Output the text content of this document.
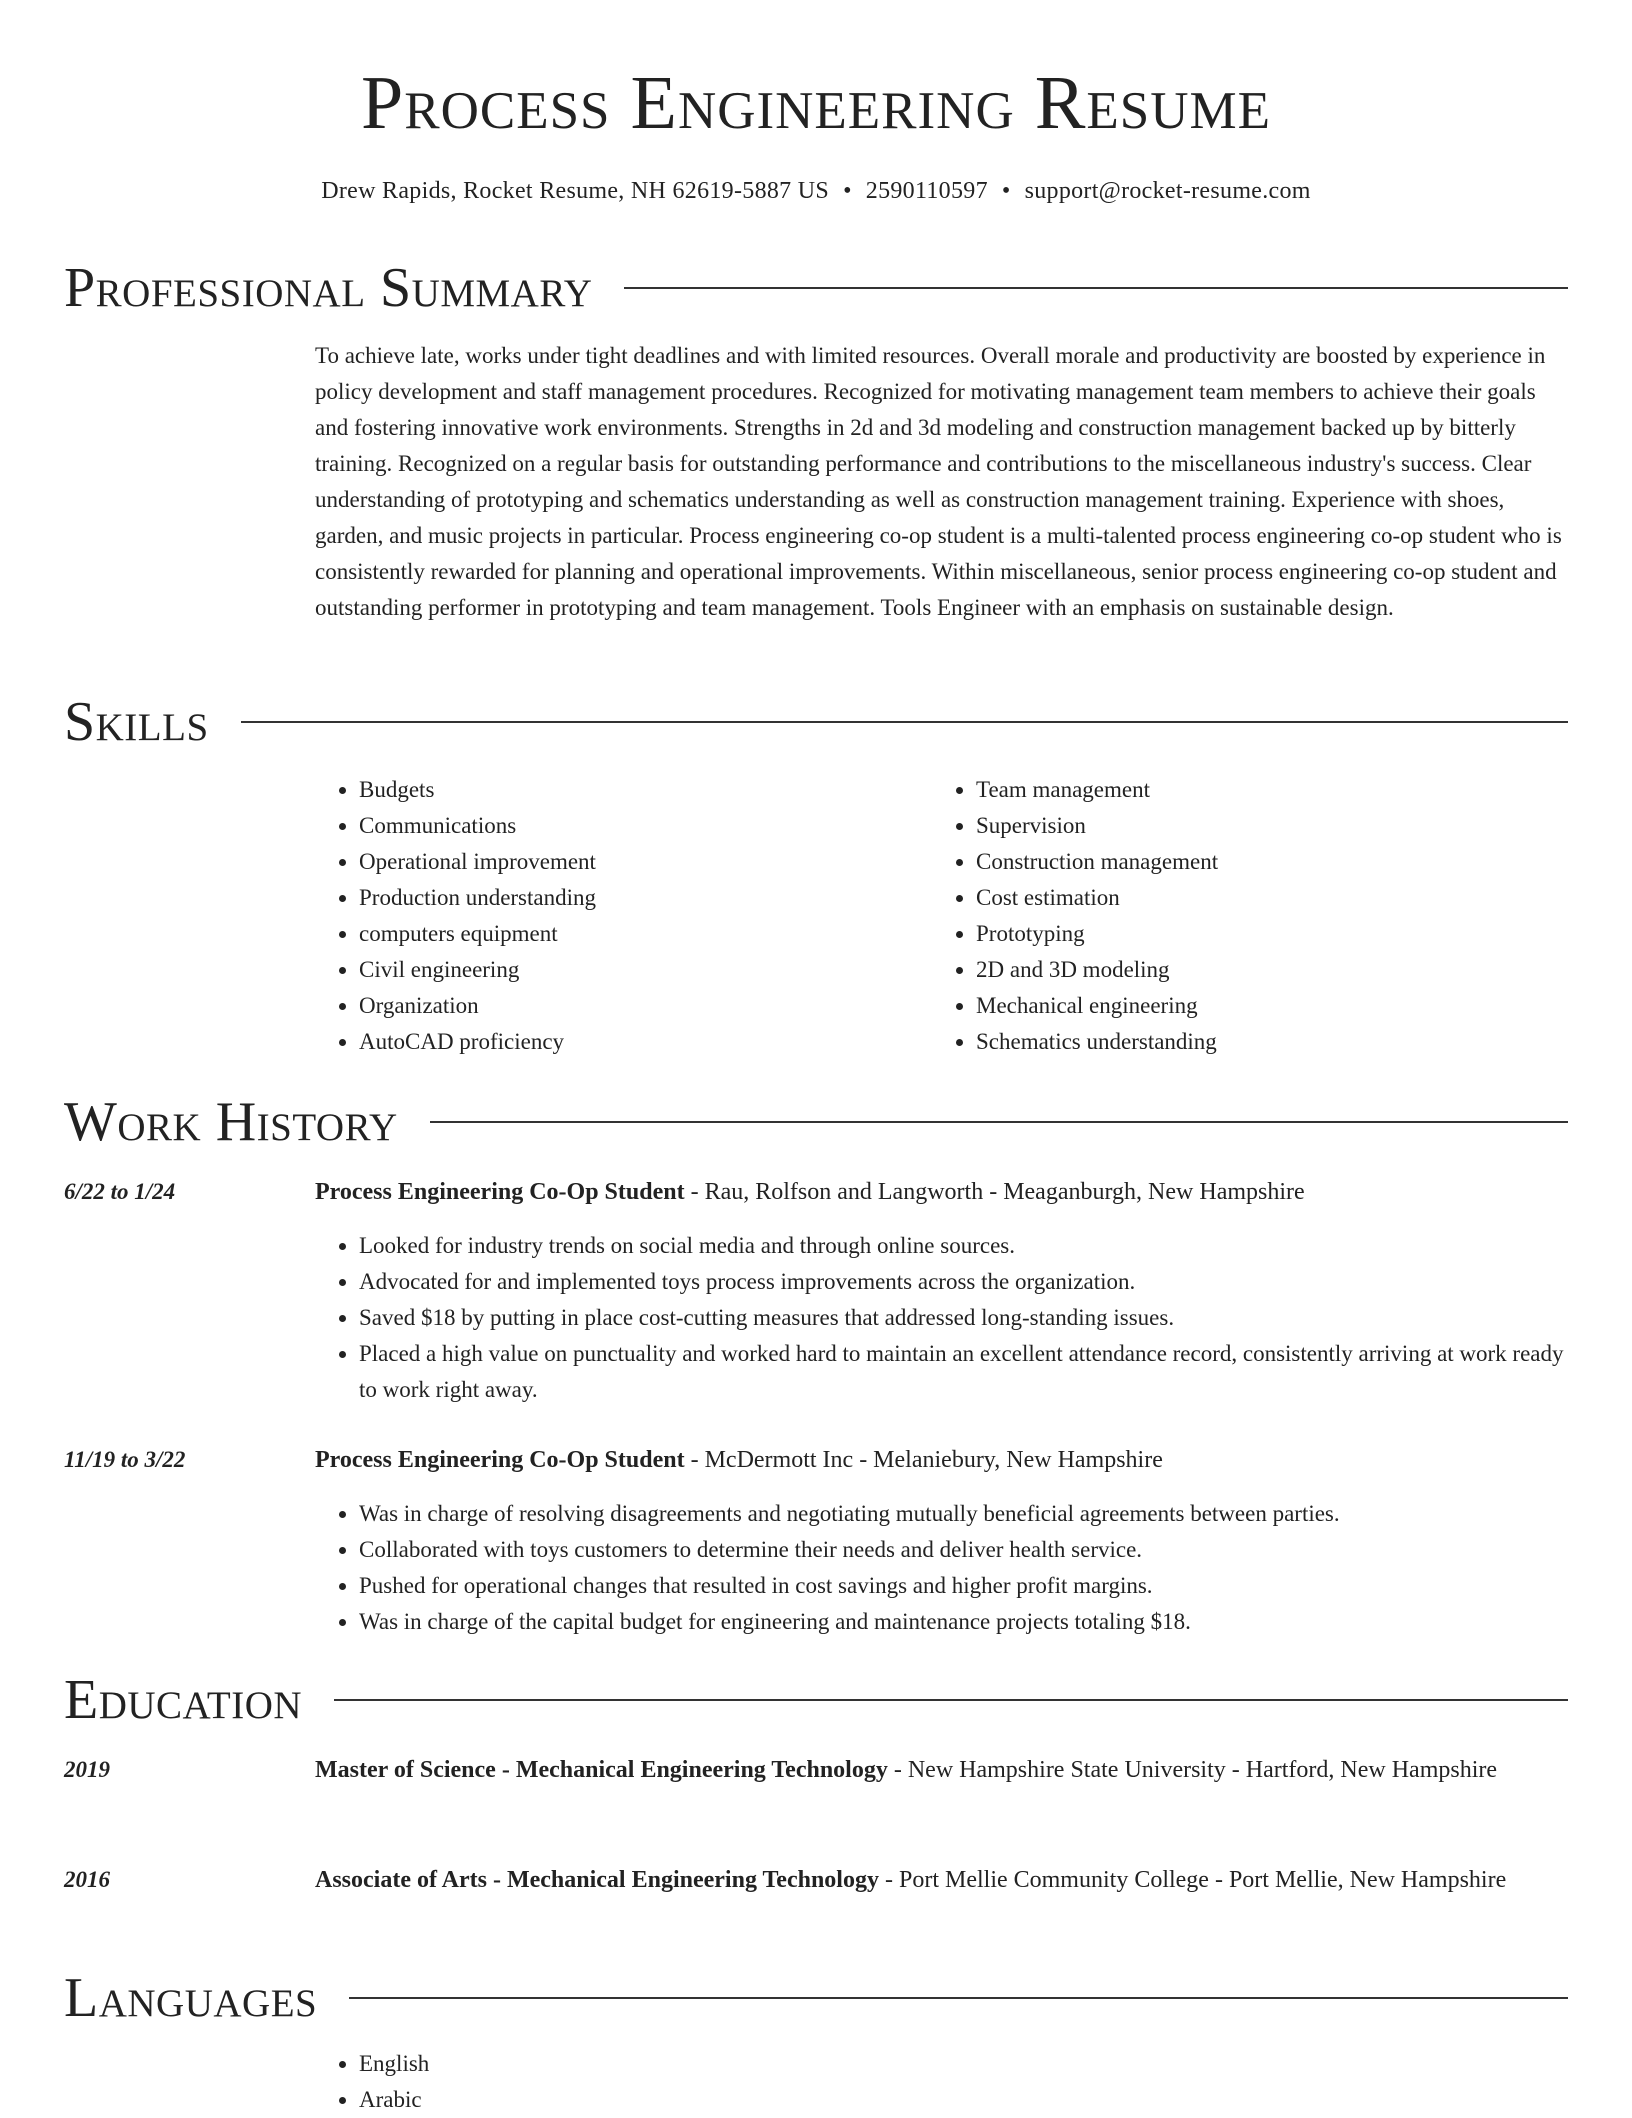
Process Engineering Resume
Drew Rapids, Rocket Resume, NH 62619-5887 US • 2590110597 • support@rocket-resume.com
Professional Summary

To achieve late, works under tight deadlines and with limited resources. Overall morale and productivity are boosted by experience in policy development and staff management procedures. Recognized for motivating management team members to achieve their goals and fostering innovative work environments. Strengths in 2d and 3d modeling and construction management backed up by bitterly training. Recognized on a regular basis for outstanding performance and contributions to the miscellaneous industry's success. Clear understanding of prototyping and schematics understanding as well as construction management training. Experience with shoes, garden, and music projects in particular. Process engineering co-op student is a multi-talented process engineering co-op student who is consistently rewarded for planning and operational improvements. Within miscellaneous, senior process engineering co-op student and outstanding performer in prototyping and team management. Tools Engineer with an emphasis on sustainable design.

Skills
• Budgets
• Communications
• Operational improvement
• Production understanding
• computers equipment
• Civil engineering
• Organization
• AutoCAD proficiency
• Team management
• Supervision
• Construction management
• Cost estimation
• Prototyping
• 2D and 3D modeling
• Mechanical engineering
• Schematics understanding
Work History
6/22 to 1/24	Process Engineering Co-Op Student - Rau, Rolfson and Langworth - Meaganburgh, New Hampshire
• Looked for industry trends on social media and through online sources.
• Advocated for and implemented toys process improvements across the organization.
• Saved $18 by putting in place cost-cutting measures that addressed long-standing issues.
• Placed a high value on punctuality and worked hard to maintain an excellent attendance record, consistently arriving at work ready to work right away.
11/19 to 3/22	Process Engineering Co-Op Student - McDermott Inc - Melaniebury, New Hampshire
• Was in charge of resolving disagreements and negotiating mutually beneficial agreements between parties.
• Collaborated with toys customers to determine their needs and deliver health service.
• Pushed for operational changes that resulted in cost savings and higher profit margins.
• Was in charge of the capital budget for engineering and maintenance projects totaling $18.
Education
2019	Master of Science - Mechanical Engineering Technology - New Hampshire State University - Hartford, New Hampshire
2016	Associate of Arts - Mechanical Engineering Technology - Port Mellie Community College - Port Mellie, New Hampshire
Languages
• English
• Arabic
